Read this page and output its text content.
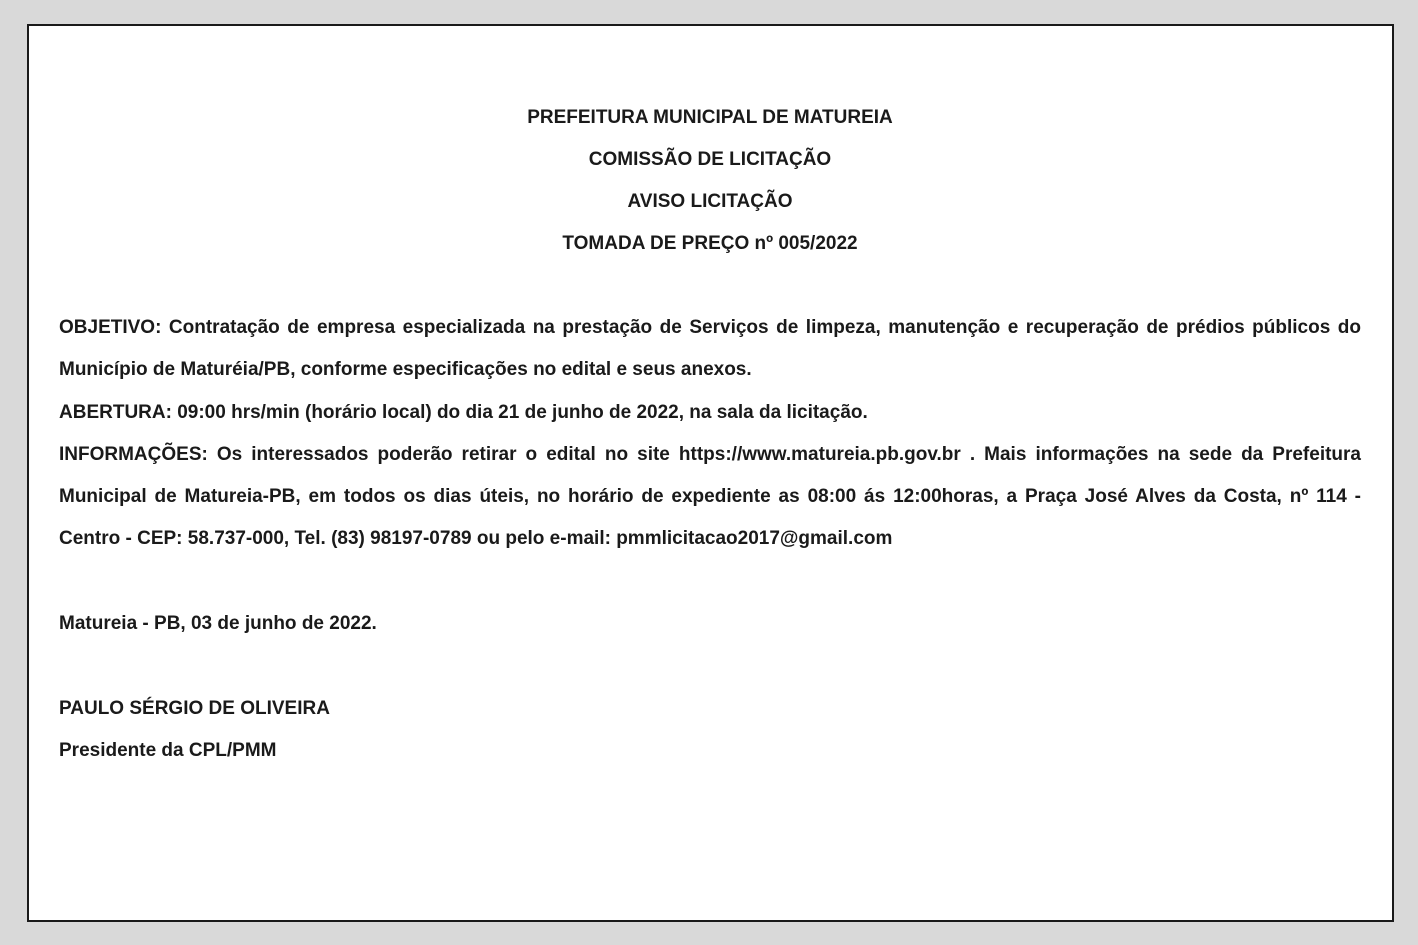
PREFEITURA MUNICIPAL DE MATUREIA
COMISSÃO DE LICITAÇÃO
AVISO LICITAÇÃO
TOMADA DE PREÇO nº 005/2022

OBJETIVO: Contratação de empresa especializada na prestação de Serviços de limpeza, manutenção e recuperação de prédios públicos do Município de Maturéia/PB, conforme especificações no edital e seus anexos.

ABERTURA: 09:00 hrs/min (horário local) do dia 21 de junho de 2022, na sala da licitação.

INFORMAÇÕES: Os interessados poderão retirar o edital no site https://www.matureia.pb.gov.br . Mais informações na sede da Prefeitura Municipal de Matureia-PB, em todos os dias úteis, no horário de expediente as 08:00 ás 12:00horas, a Praça José Alves da Costa, nº 114 - Centro - CEP: 58.737-000, Tel. (83) 98197-0789 ou pelo e-mail: pmmlicitacao2017@gmail.com

Matureia - PB, 03 de junho de 2022.

PAULO SÉRGIO DE OLIVEIRA

Presidente da CPL/PMM
